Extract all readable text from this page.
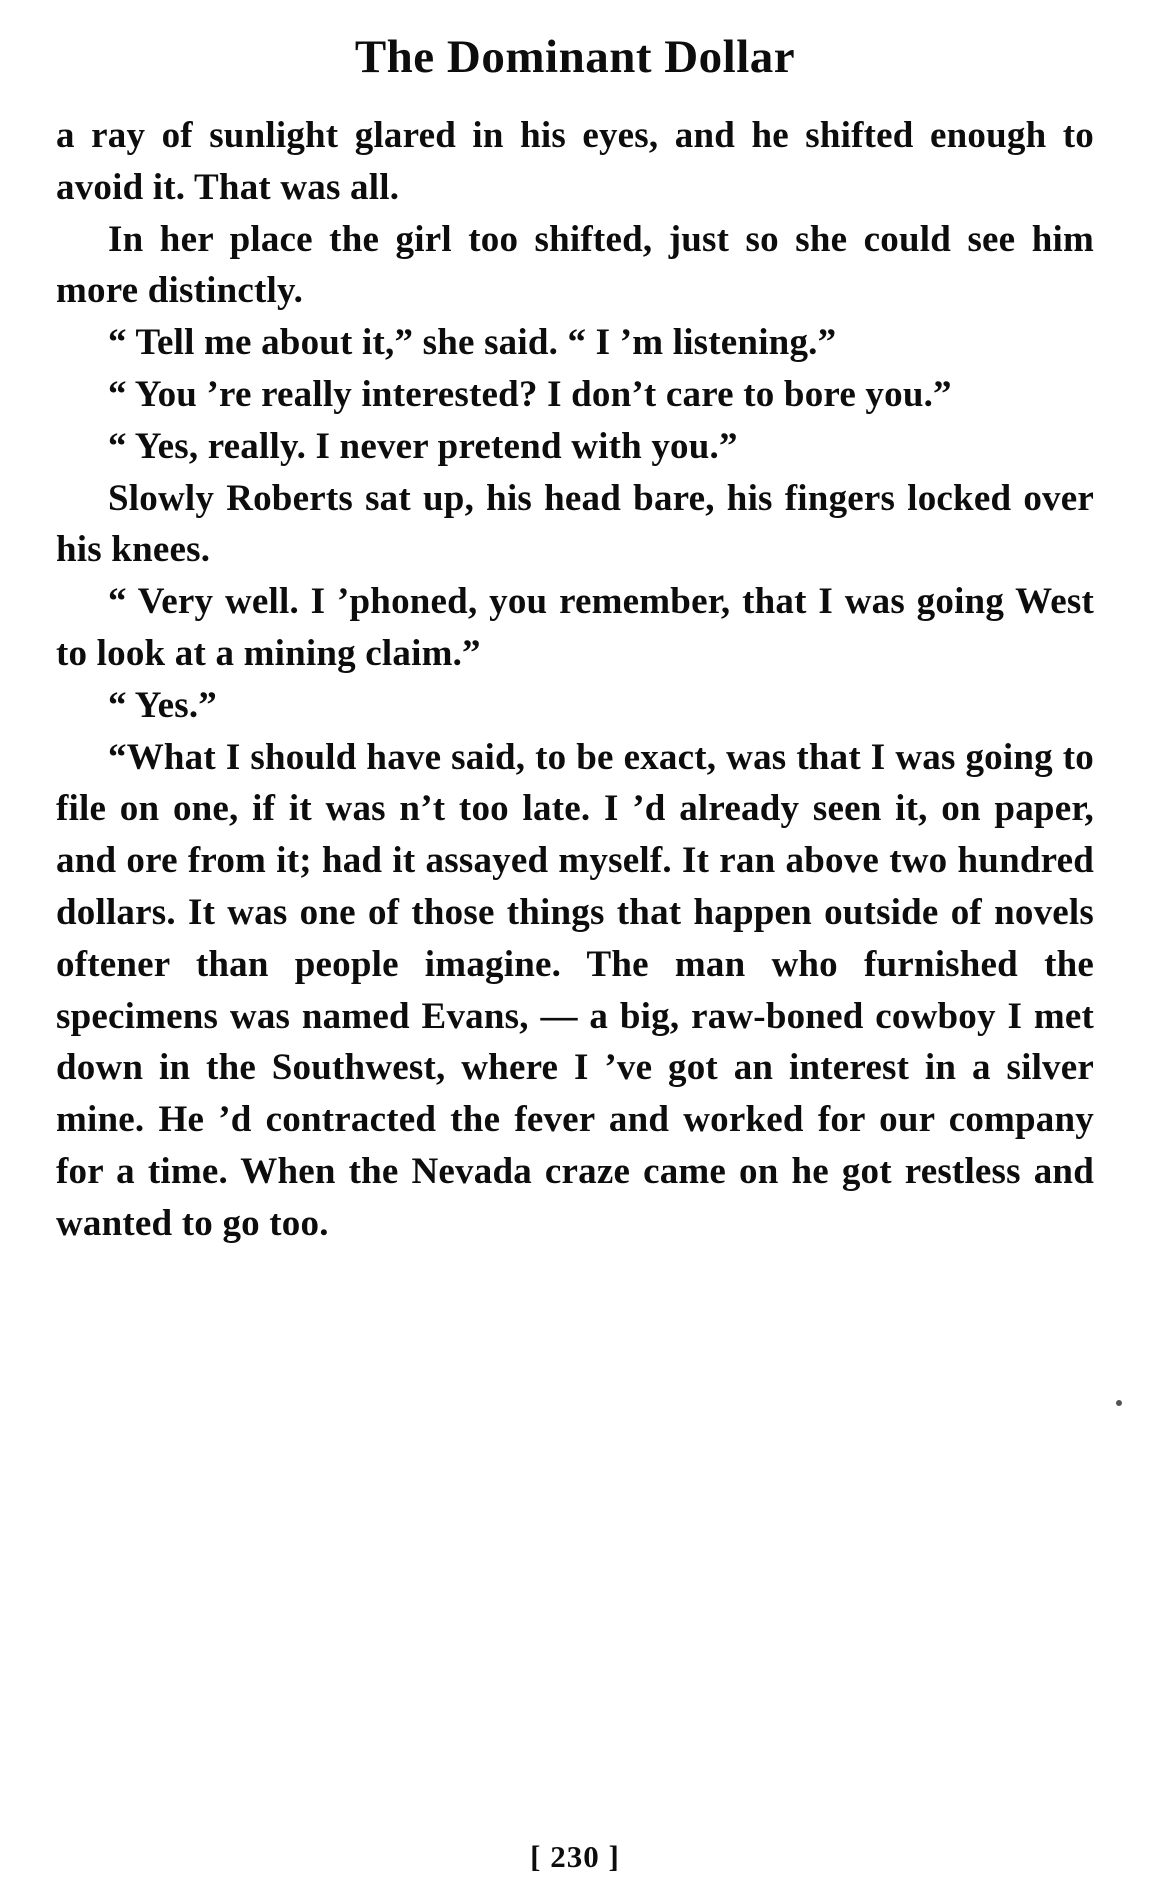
The Dominant Dollar

a ray of sunlight glared in his eyes, and he shifted enough to avoid it. That was all.

In her place the girl too shifted, just so she could see him more distinctly.

“ Tell me about it,” she said. “ I ’m listening.”

“ You ’re really interested? I don’t care to bore you.”

“ Yes, really. I never pretend with you.”

Slowly Roberts sat up, his head bare, his fingers locked over his knees.

“ Very well. I ’phoned, you remember, that I was going West to look at a mining claim.”

“ Yes.”

“What I should have said, to be exact, was that I was going to file on one, if it was n’t too late. I ’d already seen it, on paper, and ore from it; had it assayed myself. It ran above two hundred dollars. It was one of those things that happen outside of novels oftener than people imagine. The man who furnished the specimens was named Evans, — a big, raw-boned cowboy I met down in the Southwest, where I ’ve got an interest in a silver mine. He ’d contracted the fever and worked for our company for a time. When the Nevada craze came on he got restless and wanted to go too.

[ 230 ]
